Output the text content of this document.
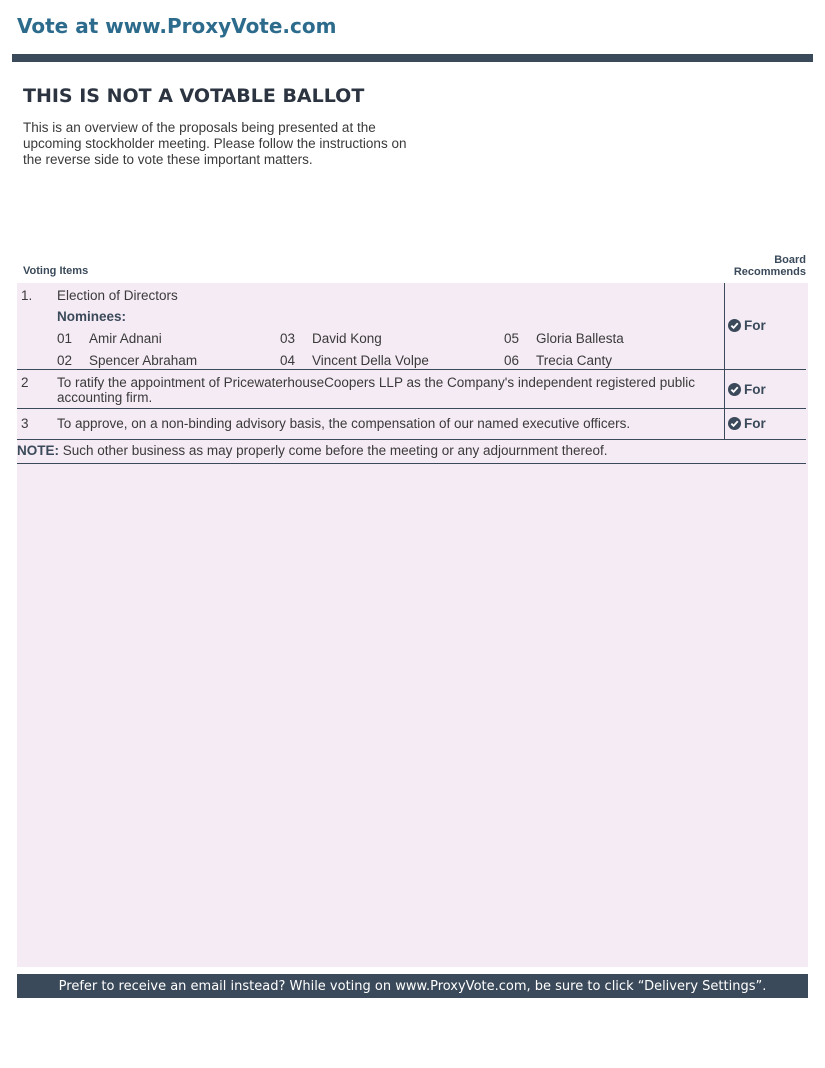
Vote at www.ProxyVote.com
THIS IS NOT A VOTABLE BALLOT

This is an overview of the proposals being presented at the upcoming stockholder meeting. Please follow the instructions on the reverse side to vote these important matters.

Voting Items
Board Recommends
1. Election of Directors
Nominees:
01 Amir Adnani
02 Spencer Abraham
03 David Kong
04 Vincent Della Volpe
05 Gloria Ballesta
06 Trecia Canty
For
2 To ratify the appointment of PricewaterhouseCoopers LLP as the Company's independent registered public accounting firm.
For
3 To approve, on a non-binding advisory basis, the compensation of our named executive officers.	For
NOTE: Such other business as may properly come before the meeting or any adjournment thereof.
Prefer to receive an email instead? While voting on www.ProxyVote.com, be sure to click “Delivery Settings”.
